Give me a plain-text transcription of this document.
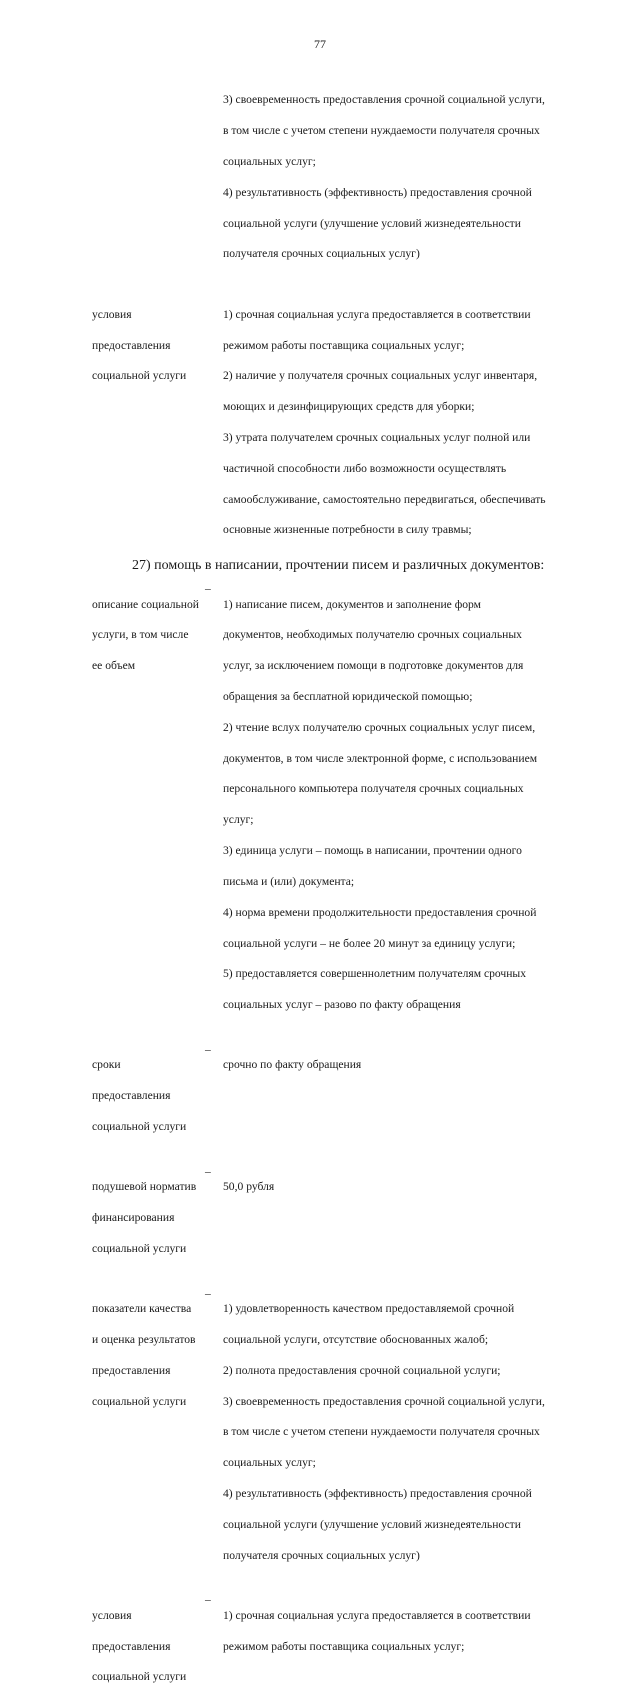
77

3) своевременность предоставления срочной социальной услуги,

в том числе с учетом степени нуждаемости получателя срочных

социальных услуг;

4) результативность (эффективность) предоставления срочной

социальной услуги (улучшение условий жизнедеятельности

получателя срочных социальных услуг)

условия

предоставления

социальной услуги

1) срочная социальная услуга предоставляется в соответствии

режимом работы поставщика социальных услуг;

2) наличие у получателя срочных социальных услуг инвентаря,

моющих и дезинфицирующих средств для уборки;

3) утрата получателем срочных социальных услуг полной или

частичной способности либо возможности осуществлять

самообслуживание, самостоятельно передвигаться, обеспечивать

основные жизненные потребности в силу травмы;

27) помощь в написании, прочтении писем и различных документов:

описание социальной

услуги, в том числе

ее объем

–

1) написание писем, документов и заполнение форм

документов, необходимых получателю срочных социальных

услуг, за исключением помощи в подготовке документов для

обращения за бесплатной юридической помощью;

2) чтение вслух получателю срочных социальных услуг писем,

документов, в том числе электронной форме, с использованием

персонального компьютера получателя срочных социальных

услуг;

3) единица услуги – помощь в написании, прочтении одного

письма и (или) документа;

4) норма времени продолжительности предоставления срочной

социальной услуги – не более 20 минут за единицу услуги;

5) предоставляется совершеннолетним получателям срочных

социальных услуг – разово по факту обращения

сроки

предоставления

социальной услуги

–

срочно по факту обращения

подушевой норматив

финансирования

социальной услуги

–

50,0 рубля

показатели качества

и оценка результатов

предоставления

социальной услуги

–

1) удовлетворенность качеством предоставляемой срочной

социальной услуги, отсутствие обоснованных жалоб;

2) полнота предоставления срочной социальной услуги;

3) своевременность предоставления срочной социальной услуги,

в том числе с учетом степени нуждаемости получателя срочных

социальных услуг;

4) результативность (эффективность) предоставления срочной

социальной услуги (улучшение условий жизнедеятельности

получателя срочных социальных услуг)

условия

предоставления

социальной услуги

–

1) срочная социальная услуга предоставляется в соответствии

режимом работы поставщика социальных услуг;
